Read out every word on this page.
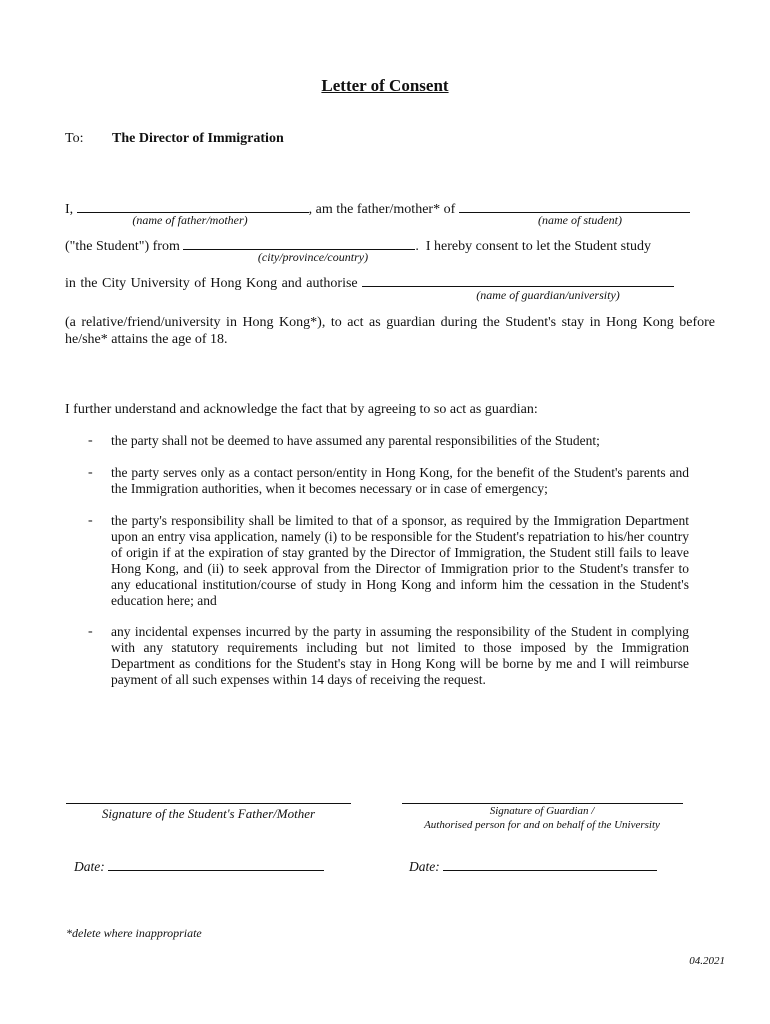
Letter of Consent
To: The Director of Immigration
I,	, am the father/mother* of
(name of father/mother)	(name of student)
("the Student") from	.  I hereby consent to let the Student study
(city/province/country)
in the City University of Hong Kong and authorise
(name of guardian/university)
(a relative/friend/university in Hong Kong*), to act as guardian during the Student's stay in Hong Kong before he/she* attains the age of 18.
I further understand and acknowledge the fact that by agreeing to so act as guardian:
- the party shall not be deemed to have assumed any parental responsibilities of the Student;
- the party serves only as a contact person/entity in Hong Kong, for the benefit of the Student's parents and the Immigration authorities, when it becomes necessary or in case of emergency;
- the party's responsibility shall be limited to that of a sponsor, as required by the Immigration Department upon an entry visa application, namely (i) to be responsible for the Student's repatriation to his/her country of origin if at the expiration of stay granted by the Director of Immigration, the Student still fails to leave Hong Kong, and (ii) to seek approval from the Director of Immigration prior to the Student's transfer to any educational institution/course of study in Hong Kong and inform him the cessation in the Student's education here; and
- any incidental expenses incurred by the party in assuming the responsibility of the Student in complying with any statutory requirements including but not limited to those imposed by the Immigration Department as conditions for the Student's stay in Hong Kong will be borne by me and I will reimburse payment of all such expenses within 14 days of receiving the request.
Signature of the Student's Father/Mother	Signature of Guardian /
Authorised person for and on behalf of the University
Date:	Date:
*delete where inappropriate
04.2021
